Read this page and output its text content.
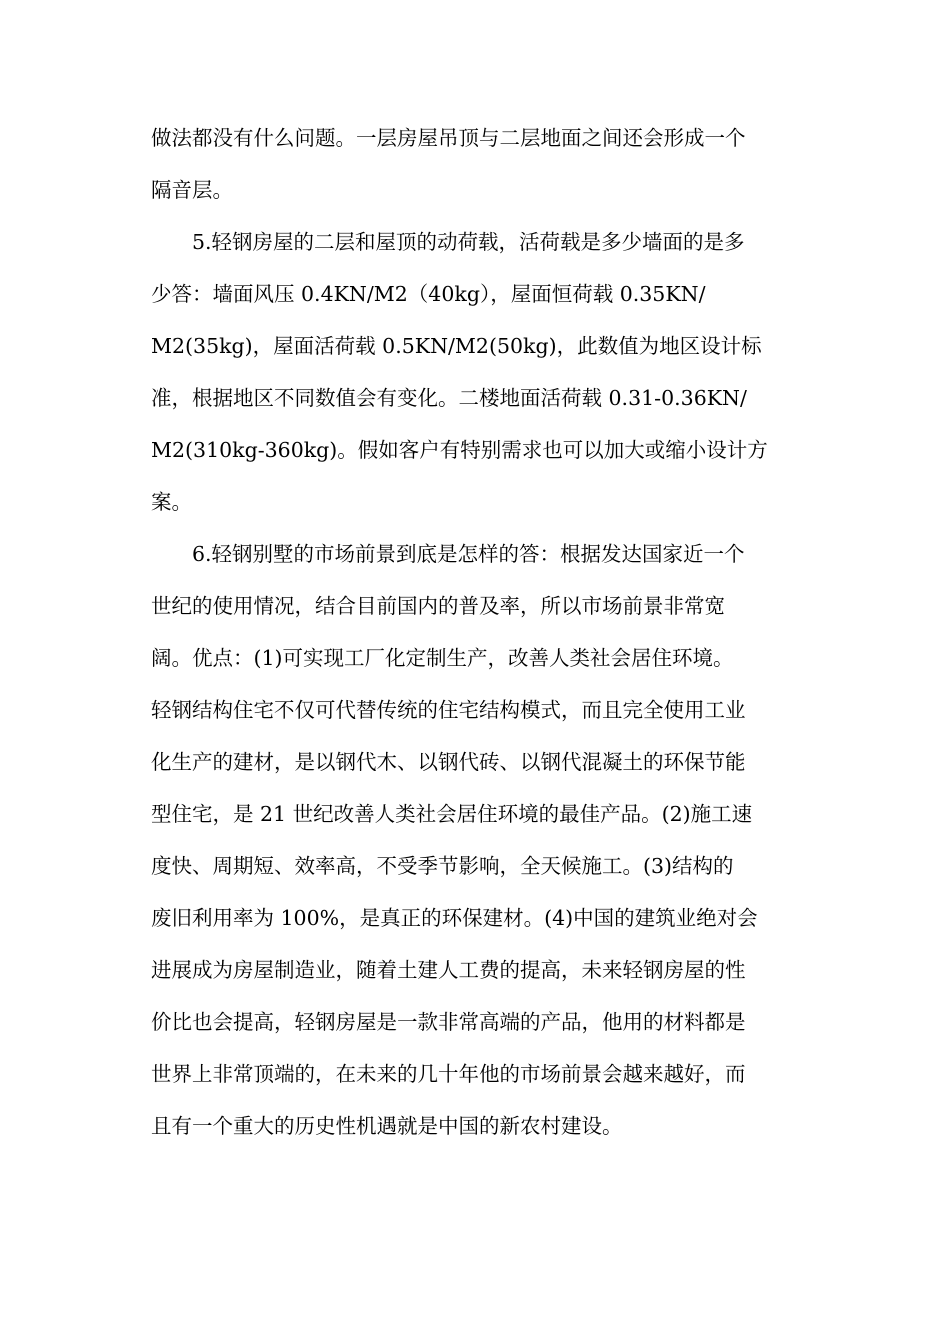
做法都没有什么问题。一层房屋吊顶与二层地面之间还会形成一个
隔音层。
5.轻钢房屋的二层和屋顶的动荷载，活荷载是多少墙面的是多
少答：墙面风压 0.4KN/M2（40kg），屋面恒荷载 0.35KN/
M2(35kg)，屋面活荷载 0.5KN/M2(50kg)，此数值为地区设计标
准，根据地区不同数值会有变化。二楼地面活荷载 0.31-0.36KN/
M2(310kg-360kg)。假如客户有特别需求也可以加大或缩小设计方
案。
6.轻钢别墅的市场前景到底是怎样的答：根据发达国家近一个
世纪的使用情况，结合目前国内的普及率，所以市场前景非常宽
阔。优点：(1)可实现工厂化定制生产，改善人类社会居住环境。
轻钢结构住宅不仅可代替传统的住宅结构模式，而且完全使用工业
化生产的建材，是以钢代木、以钢代砖、以钢代混凝土的环保节能
型住宅，是 21 世纪改善人类社会居住环境的最佳产品。(2)施工速
度快、周期短、效率高，不受季节影响，全天候施工。(3)结构的
废旧利用率为 100%，是真正的环保建材。(4)中国的建筑业绝对会
进展成为房屋制造业，随着土建人工费的提高，未来轻钢房屋的性
价比也会提高，轻钢房屋是一款非常高端的产品，他用的材料都是
世界上非常顶端的，在未来的几十年他的市场前景会越来越好，而
且有一个重大的历史性机遇就是中国的新农村建设。
